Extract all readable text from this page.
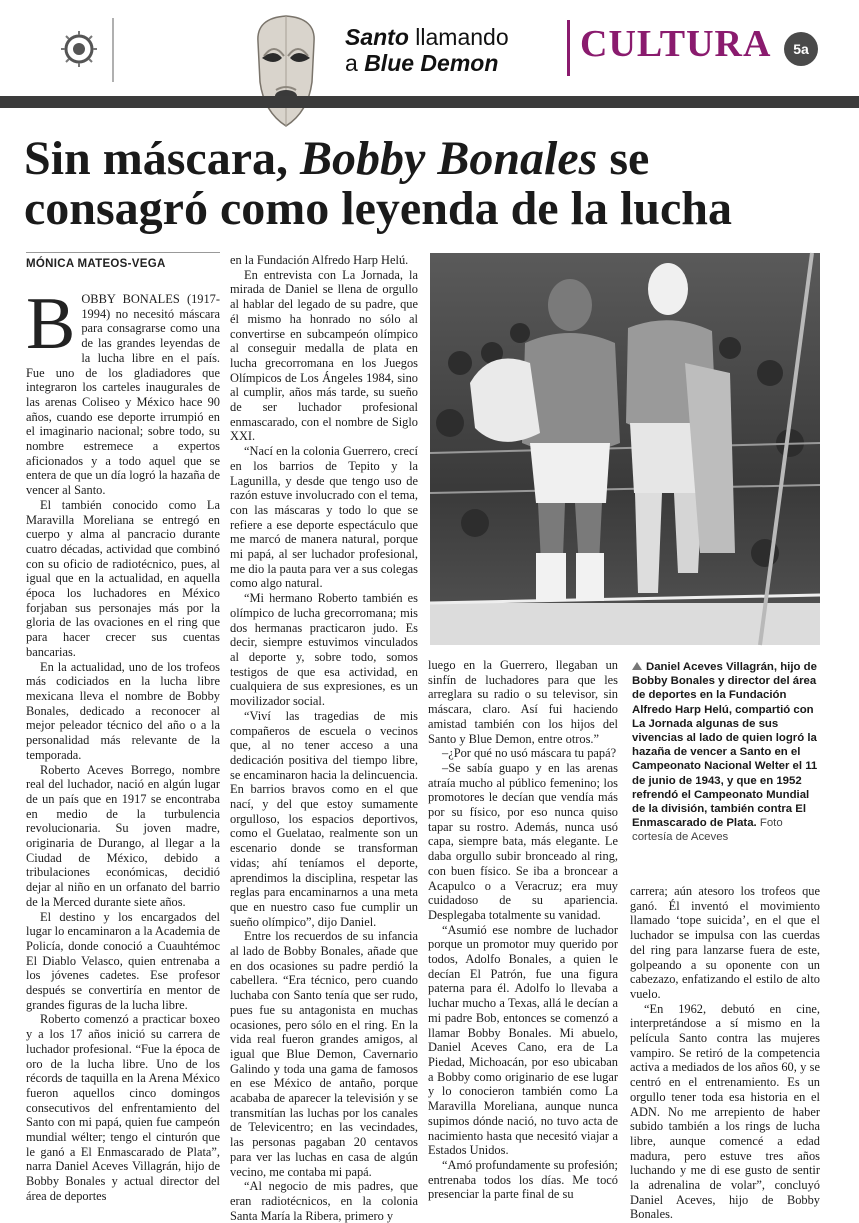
Santo llamando
a Blue Demon CULTURA	5a
Sin máscara, Bobby Bonales se consagró como leyenda de la lucha
MÓNICA MATEOS-VEGA
B OBBY BONALES (1917-1994) no necesitó máscara para consagrarse como una de las grandes leyendas de la lucha libre en el país. Fue uno de los gladiadores que integraron los carteles inaugurales de las arenas Coliseo y México hace 90 años, cuando ese deporte irrumpió en el imaginario nacional; sobre todo, su nombre estremece a expertos aficionados y a todo aquel que se entera de que un día logró la hazaña de vencer al Santo.

El también conocido como La Maravilla Moreliana se entregó en cuerpo y alma al pancracio durante cuatro décadas, actividad que combinó con su oficio de radiotécnico, pues, al igual que en la actualidad, en aquella época los luchadores en México forjaban sus personajes más por la gloria de las ovaciones en el ring que para hacer crecer sus cuentas bancarias.

En la actualidad, uno de los trofeos más codiciados en la lucha libre mexicana lleva el nombre de Bobby Bonales, dedicado a reconocer al mejor peleador técnico del año o a la personalidad más relevante de la temporada.

Roberto Aceves Borrego, nombre real del luchador, nació en algún lugar de un país que en 1917 se encontraba en medio de la turbulencia revolucionaria. Su joven madre, originaria de Durango, al llegar a la Ciudad de México, debido a tribulaciones económicas, decidió dejar al niño en un orfanato del barrio de la Merced durante siete años.

El destino y los encargados del lugar lo encaminaron a la Academia de Policía, donde conoció a Cuauhtémoc El Diablo Velasco, quien entrenaba a los jóvenes cadetes. Ese profesor después se convertiría en mentor de grandes figuras de la lucha libre.

Roberto comenzó a practicar boxeo y a los 17 años inició su carrera de luchador profesional. “Fue la época de oro de la lucha libre. Uno de los récords de taquilla en la Arena México fueron aquellos cinco domingos consecutivos del enfrentamiento del Santo con mi papá, quien fue campeón mundial wélter; tengo el cinturón que le ganó a El Enmascarado de Plata”, narra Daniel Aceves Villagrán, hijo de Bobby Bonales y actual director del área de deportes

en la Fundación Alfredo Harp Helú.

En entrevista con La Jornada, la mirada de Daniel se llena de orgullo al hablar del legado de su padre, que él mismo ha honrado no sólo al convertirse en subcampeón olímpico al conseguir medalla de plata en lucha grecorromana en los Juegos Olímpicos de Los Ángeles 1984, sino al cumplir, años más tarde, su sueño de ser luchador profesional enmascarado, con el nombre de Siglo XXI.

“Nací en la colonia Guerrero, crecí en los barrios de Tepito y la Lagunilla, y desde que tengo uso de razón estuve involucrado con el tema, con las máscaras y todo lo que se refiere a ese deporte espectáculo que me marcó de manera natural, porque mi papá, al ser luchador profesional, me dio la pauta para ver a sus colegas como algo natural.

“Mi hermano Roberto también es olímpico de lucha grecorromana; mis dos hermanas practicaron judo. Es decir, siempre estuvimos vinculados al deporte y, sobre todo, somos testigos de que esa actividad, en cualquiera de sus expresiones, es un movilizador social.

“Viví las tragedias de mis compañeros de escuela o vecinos que, al no tener acceso a una dedicación positiva del tiempo libre, se encaminaron hacia la delincuencia. En barrios bravos como en el que nací, y del que estoy sumamente orgulloso, los espacios deportivos, como el Guelatao, realmente son un escenario donde se transforman vidas; ahí teníamos el deporte, aprendimos la disciplina, respetar las reglas para encaminarnos a una meta que en nuestro caso fue cumplir un sueño olímpico”, dijo Daniel.

Entre los recuerdos de su infancia al lado de Bobby Bonales, añade que en dos ocasiones su padre perdió la cabellera. “Era técnico, pero cuando luchaba con Santo tenía que ser rudo, pues fue su antagonista en muchas ocasiones, pero sólo en el ring. En la vida real fueron grandes amigos, al igual que Blue Demon, Cavernario Galindo y toda una gama de famosos en ese México de antaño, porque acababa de aparecer la televisión y se transmitían las luchas por los canales de Televicentro; en las vecindades, las personas pagaban 20 centavos para ver las luchas en casa de algún vecino, me contaba mi papá.

“Al negocio de mis padres, que eran radiotécnicos, en la colonia Santa María la Ribera, primero y

luego en la Guerrero, llegaban un sinfín de luchadores para que les arreglara su radio o su televisor, sin máscara, claro. Así fui haciendo amistad también con los hijos del Santo y Blue Demon, entre otros.”

–¿Por qué no usó máscara tu papá?

–Se sabía guapo y en las arenas atraía mucho al público femenino; los promotores le decían que vendía más por su físico, por eso nunca quiso tapar su rostro. Además, nunca usó capa, siempre bata, más elegante. Le daba orgullo subir bronceado al ring, con buen físico. Se iba a broncear a Acapulco o a Veracruz; era muy cuidadoso de su apariencia. Desplegaba totalmente su vanidad.

“Asumió ese nombre de luchador porque un promotor muy querido por todos, Adolfo Bonales, a quien le decían El Patrón, fue una figura paterna para él. Adolfo lo llevaba a luchar mucho a Texas, allá le decían a mi padre Bob, entonces se comenzó a llamar Bobby Bonales. Mi abuelo, Daniel Aceves Cano, era de La Piedad, Michoacán, por eso ubicaban a Bobby como originario de ese lugar y lo conocieron también como La Maravilla Moreliana, aunque nunca supimos dónde nació, no tuvo acta de nacimiento hasta que necesitó viajar a Estados Unidos.

“Amó profundamente su profesión; entrenaba todos los días. Me tocó presenciar la parte final de su

Daniel Aceves Villagrán, hijo de Bobby Bonales y director del área de deportes en la Fundación Alfredo Harp Helú, compartió con La Jornada algunas de sus vivencias al lado de quien logró la hazaña de vencer a Santo en el Campeonato Nacional Welter el 11 de junio de 1943, y que en 1952 refrendó el Campeonato Mundial de la división, también contra El Enmascarado de Plata. Foto cortesía de Aceves

carrera; aún atesoro los trofeos que ganó. Él inventó el movimiento llamado ‘tope suicida’, en el que el luchador se impulsa con las cuerdas del ring para lanzarse fuera de este, golpeando a su oponente con un cabezazo, enfatizando el estilo de alto vuelo.

“En 1962, debutó en cine, interpretándose a sí mismo en la película Santo contra las mujeres vampiro. Se retiró de la competencia activa a mediados de los años 60, y se centró en el entrenamiento. Es un orgullo tener toda esa historia en el ADN. No me arrepiento de haber subido también a los rings de lucha libre, aunque comencé a edad madura, pero estuve tres años luchando y me di ese gusto de sentir la adrenalina de volar”, concluyó Daniel Aceves, hijo de Bobby Bonales.
